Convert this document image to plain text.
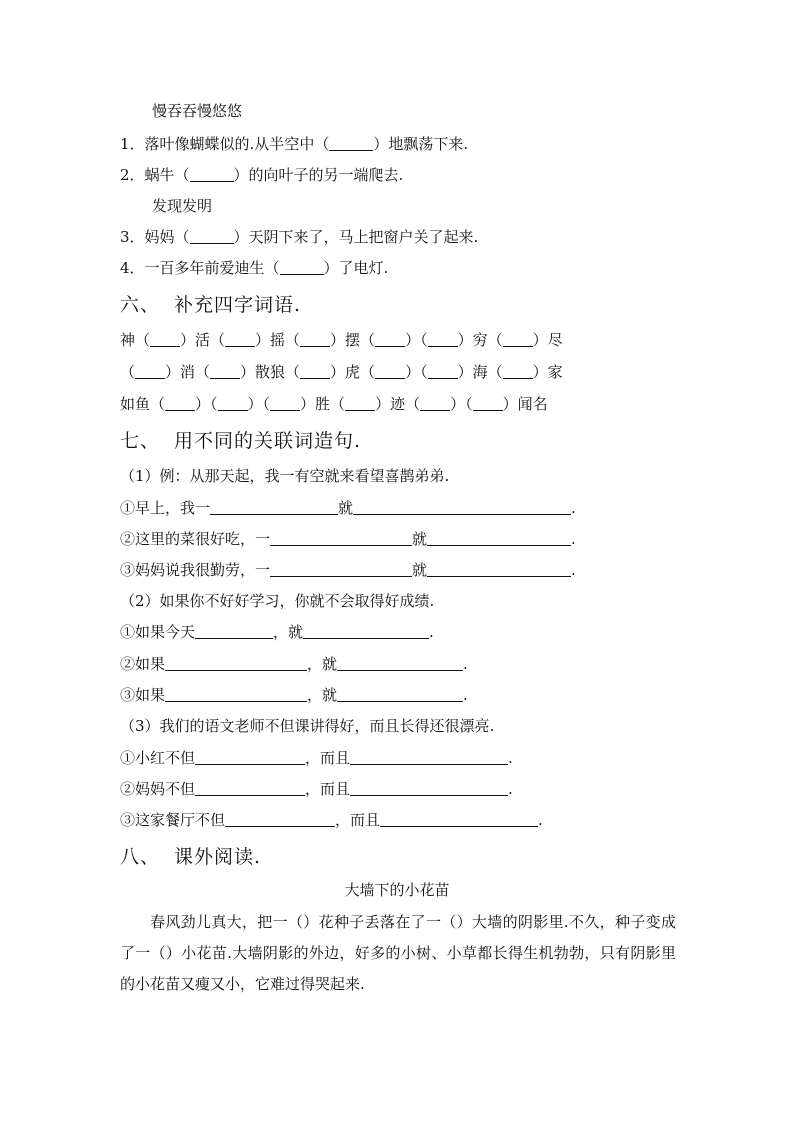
慢吞吞慢悠悠
1．落叶像蝴蝶似的.从半空中（	）地飘荡下来.
2．蜗牛（	）的向叶子的另一端爬去.
发现发明
3．妈妈（	）天阴下来了，马上把窗户关了起来.
4．一百多年前爱迪生（	）了电灯.
六、 补充四字词语.
神（ ）活（ ）摇（ ）摆（ ）（ ）穷（ ）尽
（ ）消（ ）散狼（ ）虎（ ）（ ）海（ ）家
如鱼（ ）（ ）（ ）胜（ ）迹（ ）（ ）闻名
七、 用不同的关联词造句.
（1）例：从那天起，我一有空就来看望喜鹊弟弟.
①早上，我一	就	.
②这里的菜很好吃，一	就	.
③妈妈说我很勤劳，一	就	.
（2）如果你不好好学习，你就不会取得好成绩.
①如果今天	，就	.
②如果	，就	.
③如果	，就	.
（3）我们的语文老师不但课讲得好，而且长得还很漂亮.
①小红不但	，而且	.
②妈妈不但	，而且	.
③这家餐厅不但	，而且	.
八、 课外阅读.
大墙下的小花苗
春风劲儿真大，把一（）花种子丢落在了一（）大墙的阴影里.不久，种子变成了一（）小花苗.大墙阴影的外边，好多的小树、小草都长得生机勃勃，只有阴影里的小花苗又瘦又小，它难过得哭起来.
